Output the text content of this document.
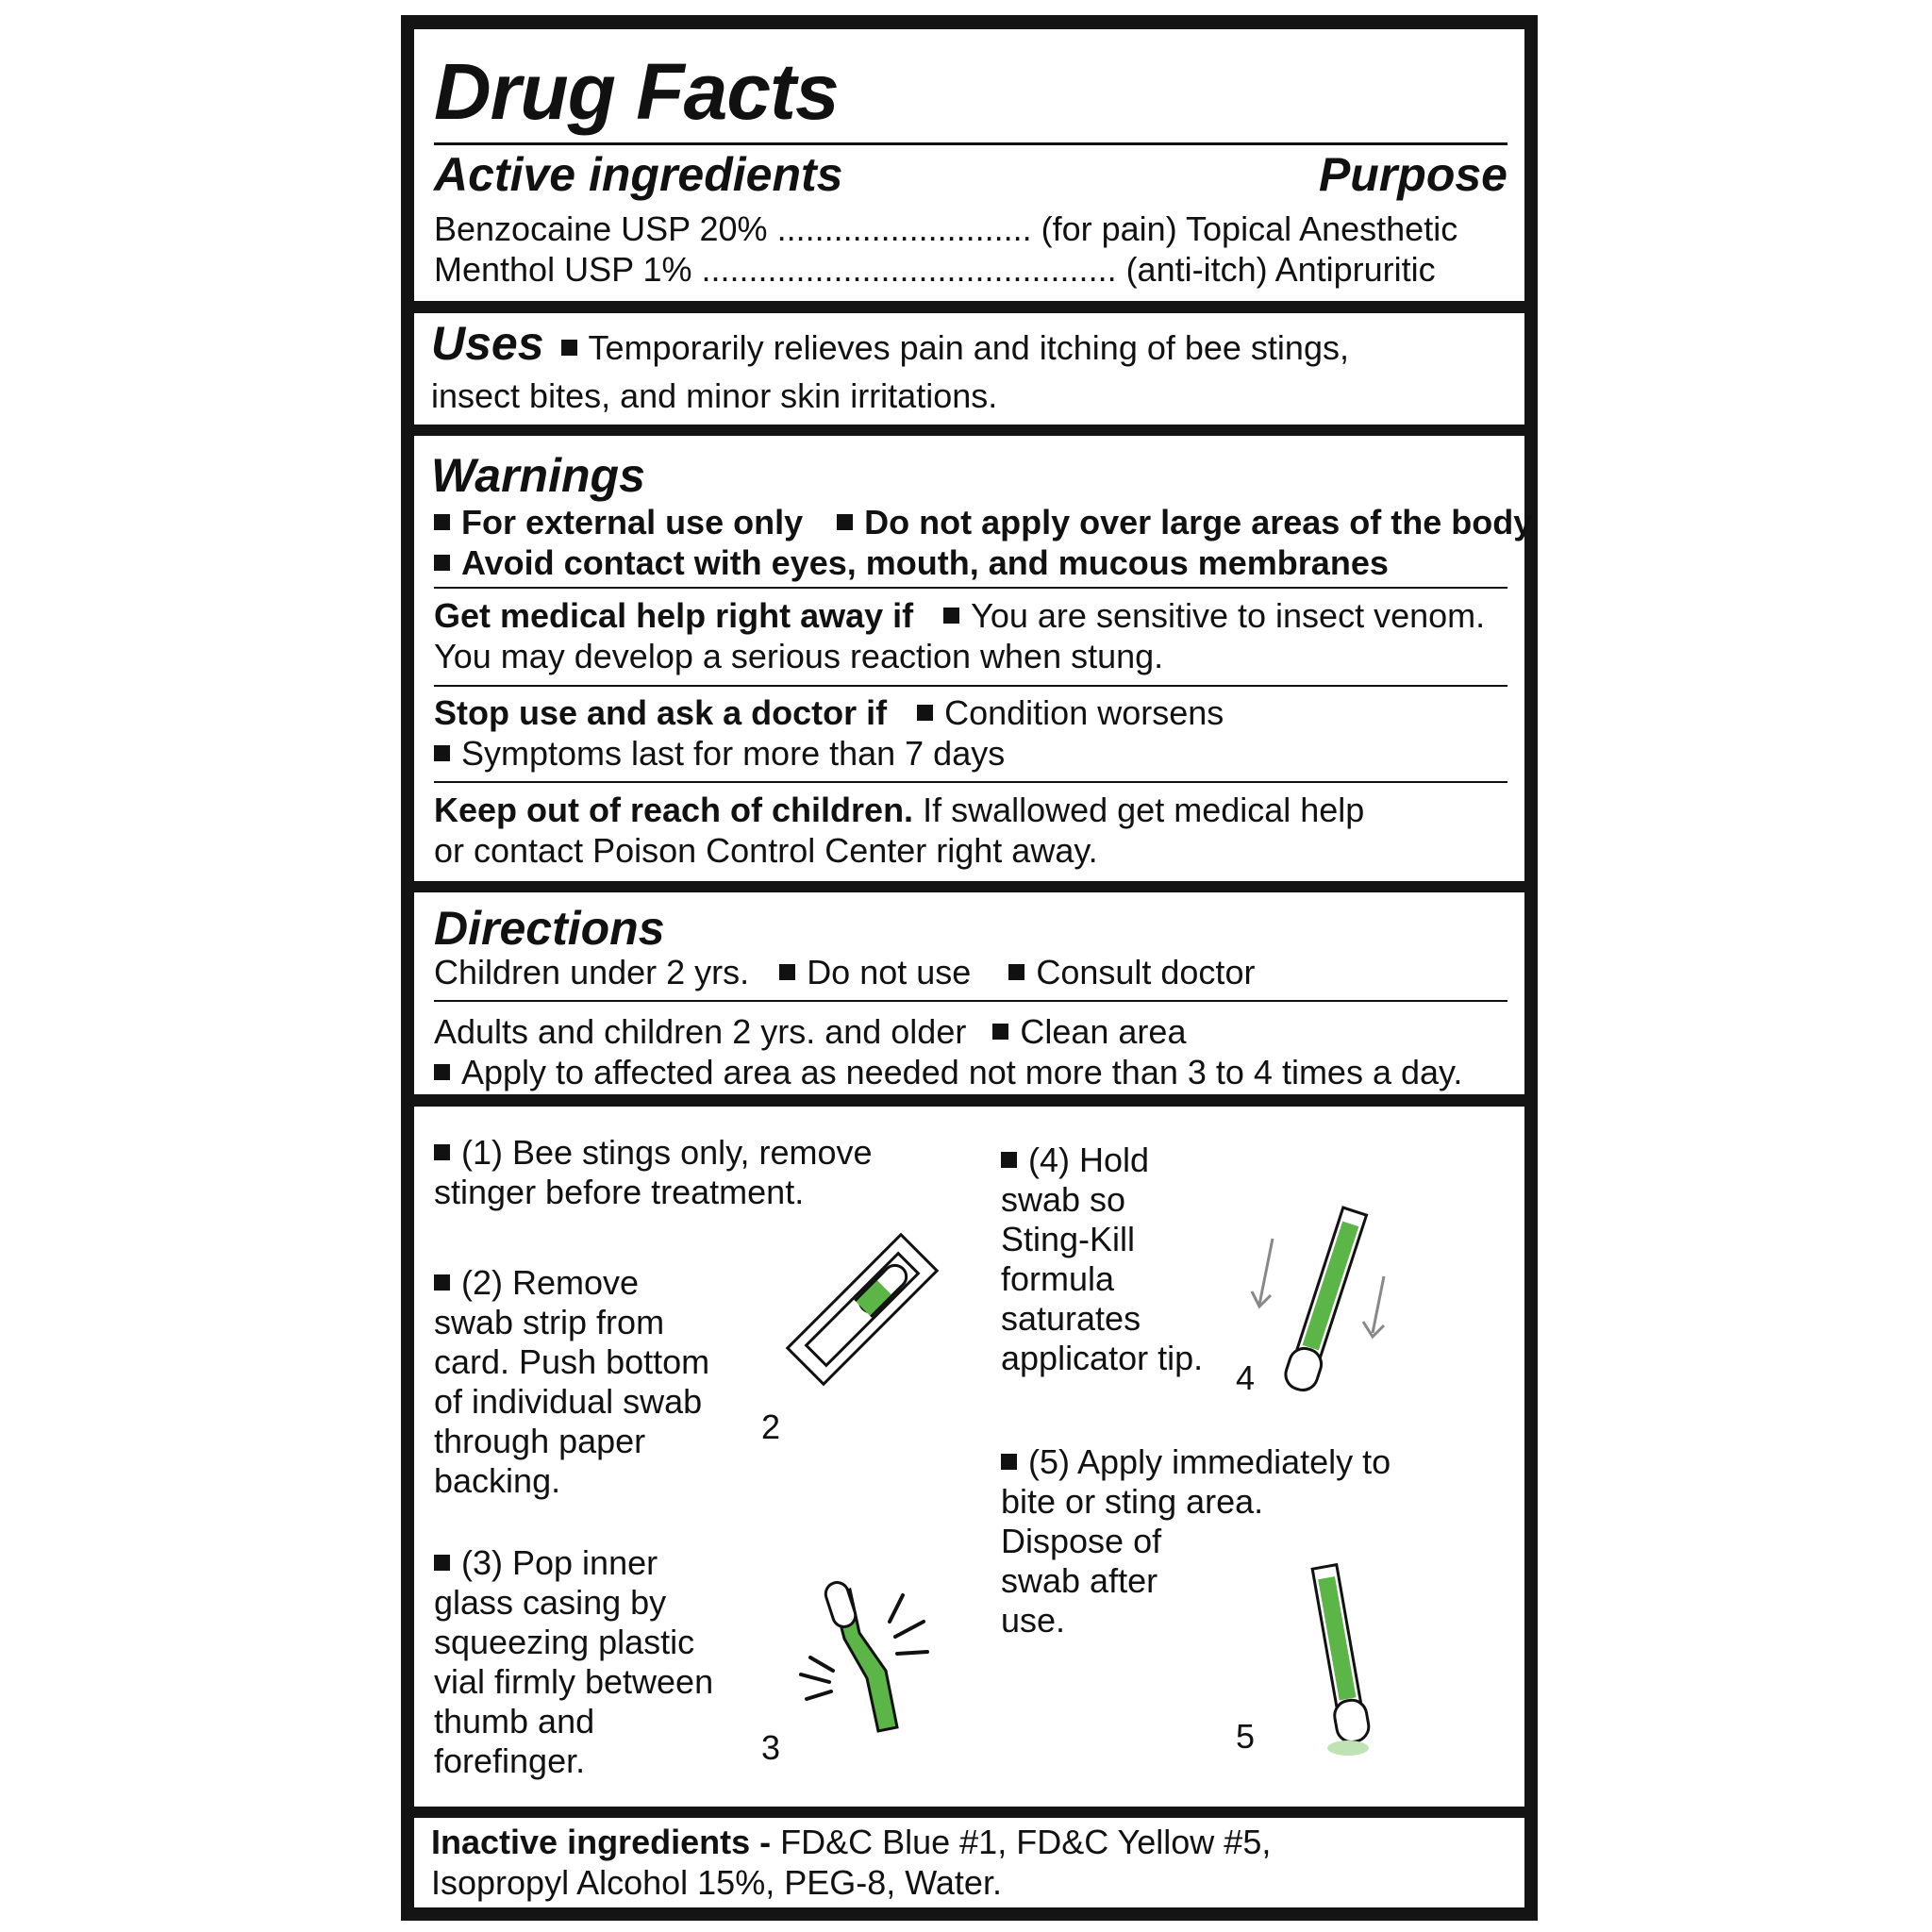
Drug Facts
Active ingredients	Purpose
Benzocaine USP 20% ........................... (for pain) Topical Anesthetic
Menthol USP 1% ............................................ (anti-itch) Antipruritic
Uses Temporarily relieves pain and itching of bee stings,
insect bites, and minor skin irritations.
Warnings
For external use only Do not apply over large areas of the body
Avoid contact with eyes, mouth, and mucous membranes
Get medical help right away if You are sensitive to insect venom.
You may develop a serious reaction when stung.
Stop use and ask a doctor if Condition worsens
Symptoms last for more than 7 days
Keep out of reach of children. If swallowed get medical help
or contact Poison Control Center right away.
Directions
Children under 2 yrs. Do not use Consult doctor
Adults and children 2 yrs. and older Clean area
Apply to affected area as needed not more than 3 to 4 times a day.
(1) Bee stings only, remove
stinger before treatment.
(2) Remove
swab strip from
card. Push bottom
of individual swab
through paper
backing.
(3) Pop inner
glass casing by
squeezing plastic
vial firmly between
thumb and
forefinger.
(4) Hold
swab so
Sting-Kill
formula
saturates
applicator tip.
(5) Apply immediately to
bite or sting area.
Dispose of
swab after
use.
2
3
4
5
Inactive ingredients - FD&C Blue #1, FD&C Yellow #5,
Isopropyl Alcohol 15%, PEG-8, Water.
